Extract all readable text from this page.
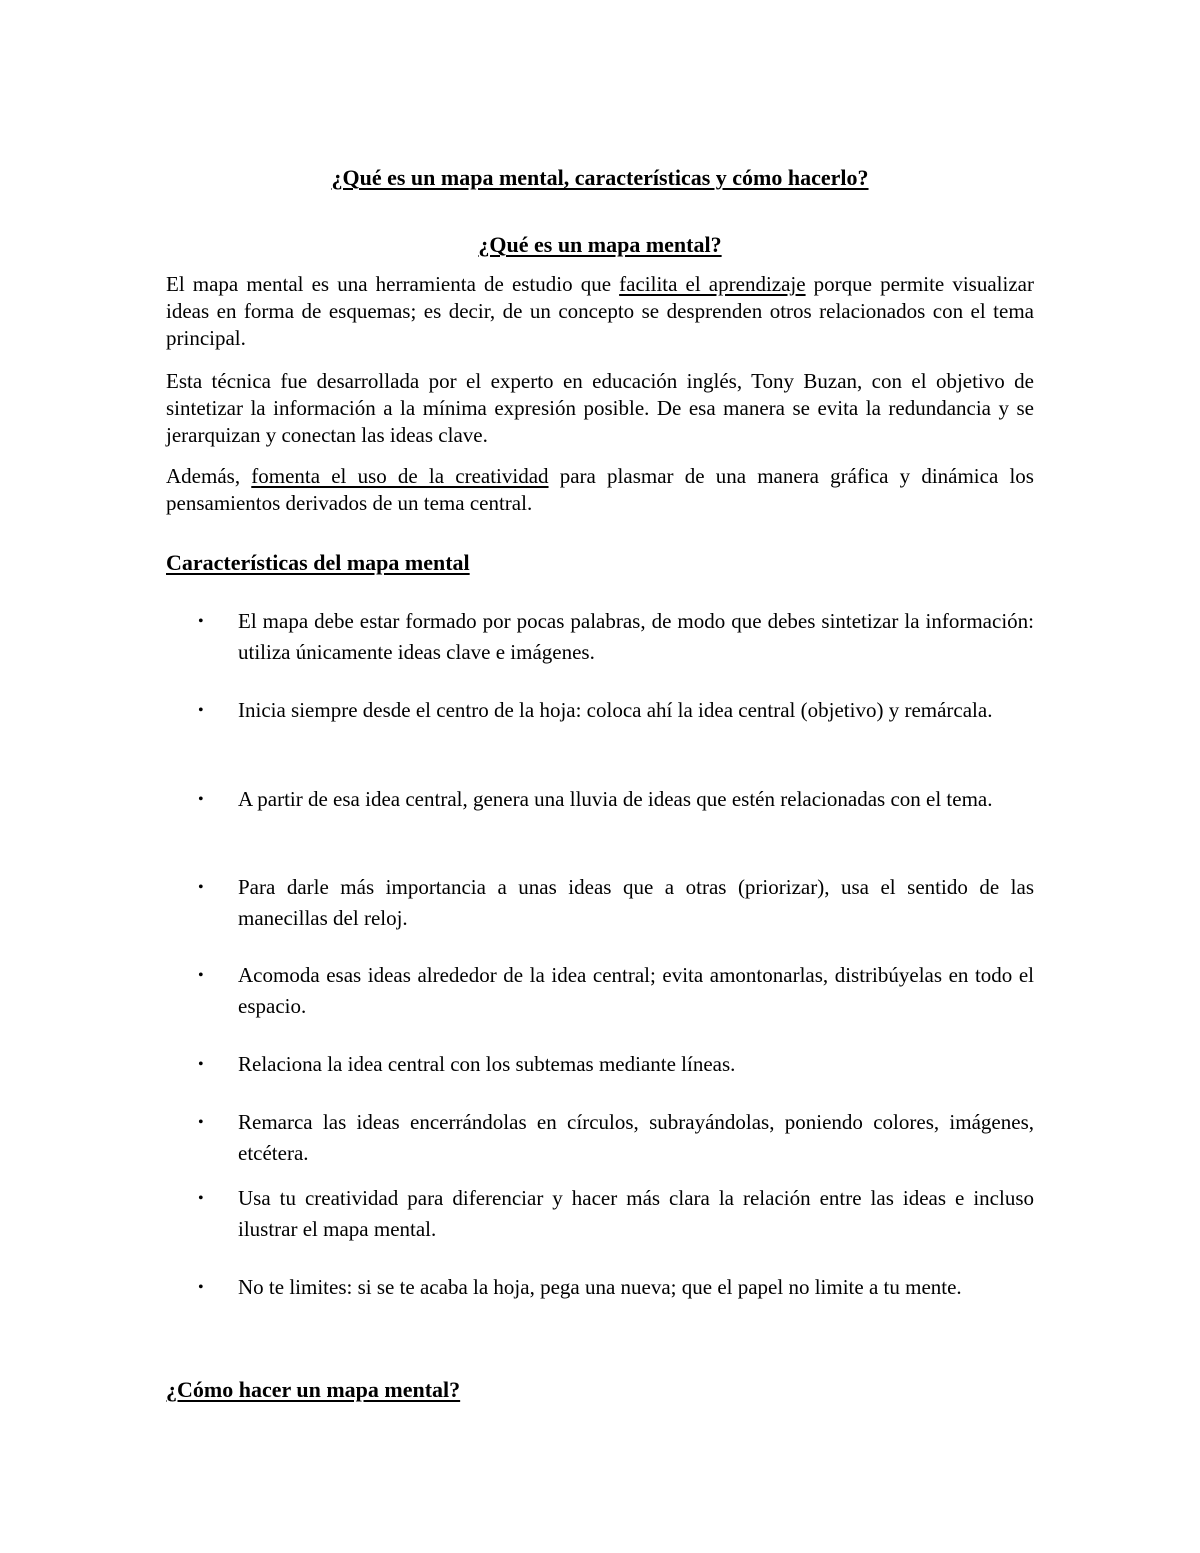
¿Qué es un mapa mental, características y cómo hacerlo?
¿Qué es un mapa mental?
El mapa mental es una herramienta de estudio que facilita el aprendizaje porque permite visualizar ideas en forma de esquemas; es decir, de un concepto se desprenden otros relacionados con el tema principal.
Esta técnica fue desarrollada por el experto en educación inglés, Tony Buzan, con el objetivo de sintetizar la información a la mínima expresión posible. De esa manera se evita la redundancia y se jerarquizan y conectan las ideas clave.
Además, fomenta el uso de la creatividad para plasmar de una manera gráfica y dinámica los pensamientos derivados de un tema central.
Características del mapa mental
•	El mapa debe estar formado por pocas palabras, de modo que debes sintetizar la información: utiliza únicamente ideas clave e imágenes.
•	Inicia siempre desde el centro de la hoja: coloca ahí la idea central (objetivo) y remárcala.
•	A partir de esa idea central, genera una lluvia de ideas que estén relacionadas con el tema.
•	Para darle más importancia a unas ideas que a otras (priorizar), usa el sentido de las manecillas del reloj.
•	Acomoda esas ideas alrededor de la idea central; evita amontonarlas, distribúyelas en todo el espacio.
•	Relaciona la idea central con los subtemas mediante líneas.
•	Remarca las ideas encerrándolas en círculos, subrayándolas, poniendo colores, imágenes, etcétera.
•	Usa tu creatividad para diferenciar y hacer más clara la relación entre las ideas e incluso ilustrar el mapa mental.
•	No te limites: si se te acaba la hoja, pega una nueva; que el papel no limite a tu mente.
¿Cómo hacer un mapa mental?
